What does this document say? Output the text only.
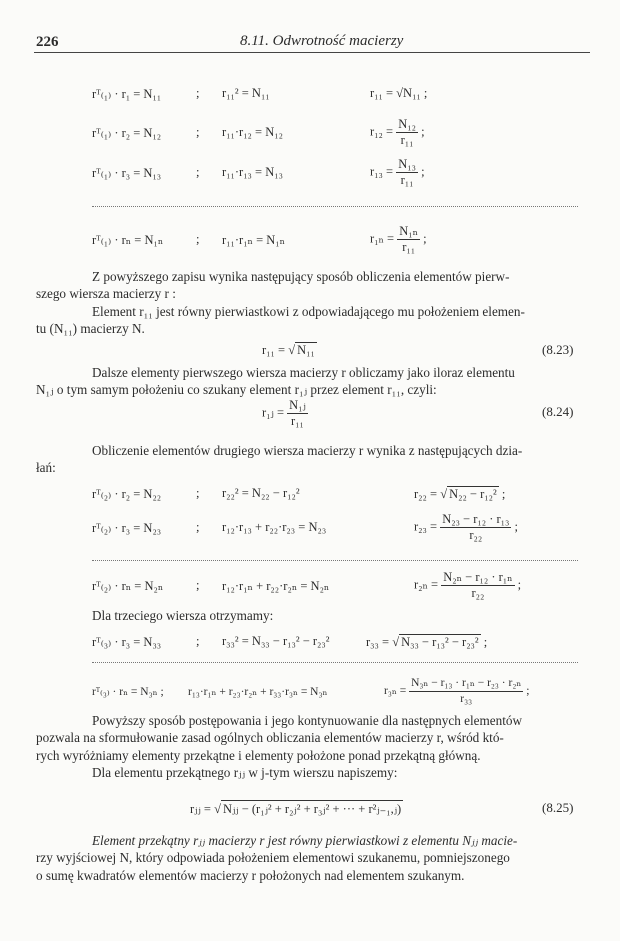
226	8.11. Odwrotność macierzy
rᵀ₍₁₎ · r₁ = N₁₁	; r₁₁² = N₁₁	r₁₁ = √N₁₁ ;
rᵀ₍₁₎ · r₂ = N₁₂	; r₁₁·r₁₂ = N₁₂	$r_{12} = \frac{\text{N₁₂}}{\text{r₁₁}}$ ;
rᵀ₍₁₎ · r₃ = N₁₃	; r₁₁·r₁₃ = N₁₃	$r_{13} = \frac{\text{N₁₃}}{\text{r₁₁}}$ ;
rᵀ₍₁₎ · rₙ = N₁ₙ	; r₁₁·r₁ₙ = N₁ₙ	$r_{1n} = \frac{\text{N₁ₙ}}{\text{r₁₁}}$ ;
Z powyższego zapisu wynika następujący sposób obliczenia elementów pierw-
szego wiersza macierzy r :
Element r₁₁ jest równy pierwiastkowi z odpowiadającego mu położeniem elemen-
tu (N₁₁) macierzy N.
r₁₁ = √ N₁₁	(8.23)
Dalsze elementy pierwszego wiersza macierzy r obliczamy jako iloraz elementu
N₁ⱼ o tym samym położeniu co szukany element r₁ⱼ przez element r₁₁, czyli:
r₁ⱼ = $\frac{\text{N₁ⱼ}}{\text{r₁₁}}$	(8.24)
Obliczenie elementów drugiego wiersza macierzy r wynika z następujących dzia-
łań:
rᵀ₍₂₎ · r₂ = N₂₂	; r₂₂² = N₂₂ − r₁₂²	r₂₂ = √ N₂₂ − r₁₂² ;
rᵀ₍₂₎ · r₃ = N₂₃	; r₁₂·r₁₃ + r₂₂·r₂₃ = N₂₃	$r_{23} = \frac{\text{N₂₃ − r₁₂ · r₁₃}}{\text{r₂₂}}$ ;
rᵀ₍₂₎ · rₙ = N₂ₙ	; r₁₂·r₁ₙ + r₂₂·r₂ₙ = N₂ₙ	$r_{2n} = \frac{\text{N₂ₙ − r₁₂ · r₁ₙ}}{\text{r₂₂}}$ ;
Dla trzeciego wiersza otrzymamy:
rᵀ₍₃₎ · r₃ = N₃₃	; r₃₃² = N₃₃ − r₁₃² − r₂₃²	r₃₃ = √ N₃₃ − r₁₃² − r₂₃² ;
rᵀ₍₃₎ · rₙ = N₃ₙ ; r₁₃·r₁ₙ + r₂₃·r₂ₙ + r₃₃·r₃ₙ = N₃ₙ	$r_{3n} = \frac{\text{N₃ₙ − r₁₃ · r₁ₙ − r₂₃ · r₂ₙ}}{\text{r₃₃}}$ ;
Powyższy sposób postępowania i jego kontynuowanie dla następnych elementów
pozwala na sformułowanie zasad ogólnych obliczania elementów macierzy r, wśród któ-
rych wyróżniamy elementy przekątne i elementy położone ponad przekątną główną.
Dla elementu przekątnego rⱼⱼ w j-tym wierszu napiszemy:
rⱼⱼ = √ Nⱼⱼ − (r₁ⱼ² + r₂ⱼ² + r₃ⱼ² + ··· + r²ⱼ₋₁,ⱼ)	(8.25)
Element przekątny rⱼⱼ macierzy r jest równy pierwiastkowi z elementu Nⱼⱼ macie-
rzy wyjściowej N, który odpowiada położeniem elementowi szukanemu, pomniejszonego
o sumę kwadratów elementów macierzy r położonych nad elementem szukanym.
